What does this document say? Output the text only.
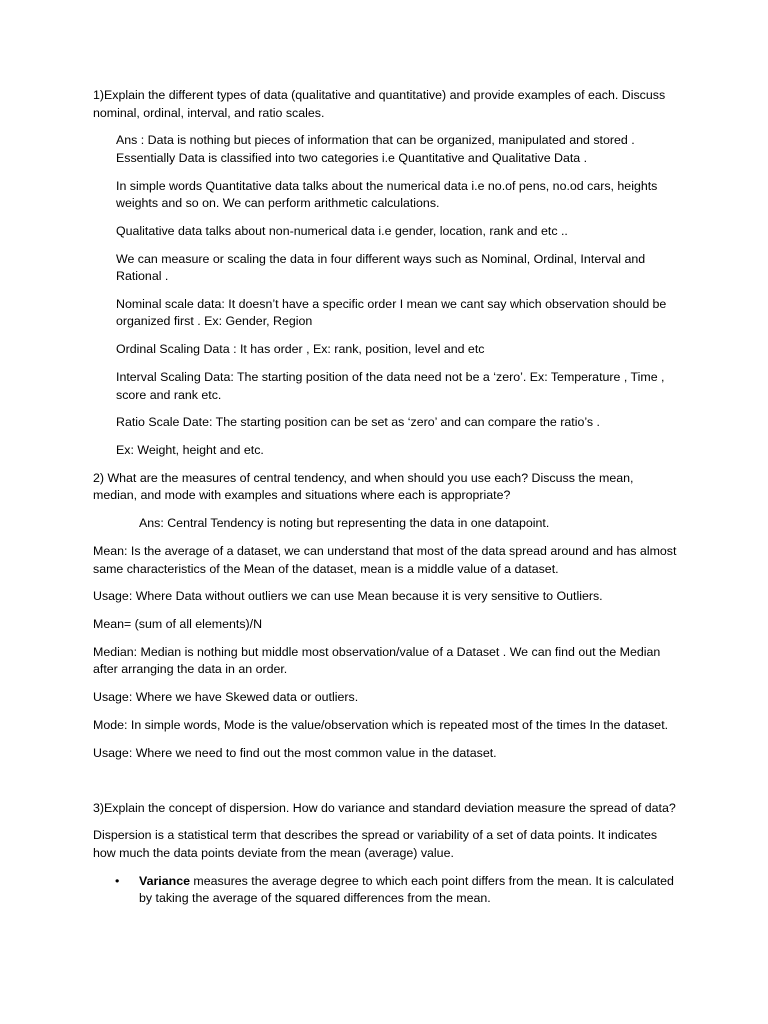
1)Explain the different types of data (qualitative and quantitative) and provide examples of each. Discuss nominal, ordinal, interval, and ratio scales.

Ans : Data is nothing but pieces of information that can be organized, manipulated and stored . Essentially Data is classified into two categories i.e Quantitative and Qualitative Data .

In simple words Quantitative data talks about the numerical data i.e no.of pens, no.od cars, heights weights and so on. We can perform arithmetic calculations.

Qualitative data talks about non-numerical data i.e gender, location, rank and etc ..

We can measure or scaling the data in four different ways such as Nominal, Ordinal, Interval and Rational .

Nominal scale data: It doesn’t have a specific order I mean we cant say which observation should be organized first . Ex: Gender, Region

Ordinal Scaling Data : It has order , Ex: rank, position, level and etc

Interval Scaling Data: The starting position of the data need not be a ‘zero’. Ex: Temperature , Time , score and rank etc.

Ratio Scale Date: The starting position can be set as ‘zero’ and can compare the ratio’s .

Ex: Weight, height and etc.

2) What are the measures of central tendency, and when should you use each? Discuss the mean, median, and mode with examples and situations where each is appropriate?

Ans: Central Tendency is noting but representing the data in one datapoint.

Mean: Is the average of a dataset, we can understand that most of the data spread around and has almost same characteristics of the Mean of the dataset, mean is a middle value of a dataset.

Usage: Where Data without outliers we can use Mean because it is very sensitive to Outliers.

Mean= (sum of all elements)/N

Median: Median is nothing but middle most observation/value of a Dataset . We can find out the Median after arranging the data in an order.

Usage: Where we have Skewed data or outliers.

Mode: In simple words, Mode is the value/observation which is repeated most of the times In the dataset.

Usage: Where we need to find out the most common value in the dataset.

3)Explain the concept of dispersion. How do variance and standard deviation measure the spread of data?

Dispersion is a statistical term that describes the spread or variability of a set of data points. It indicates how much the data points deviate from the mean (average) value.

• Variance measures the average degree to which each point differs from the mean. It is calculated by taking the average of the squared differences from the mean.
